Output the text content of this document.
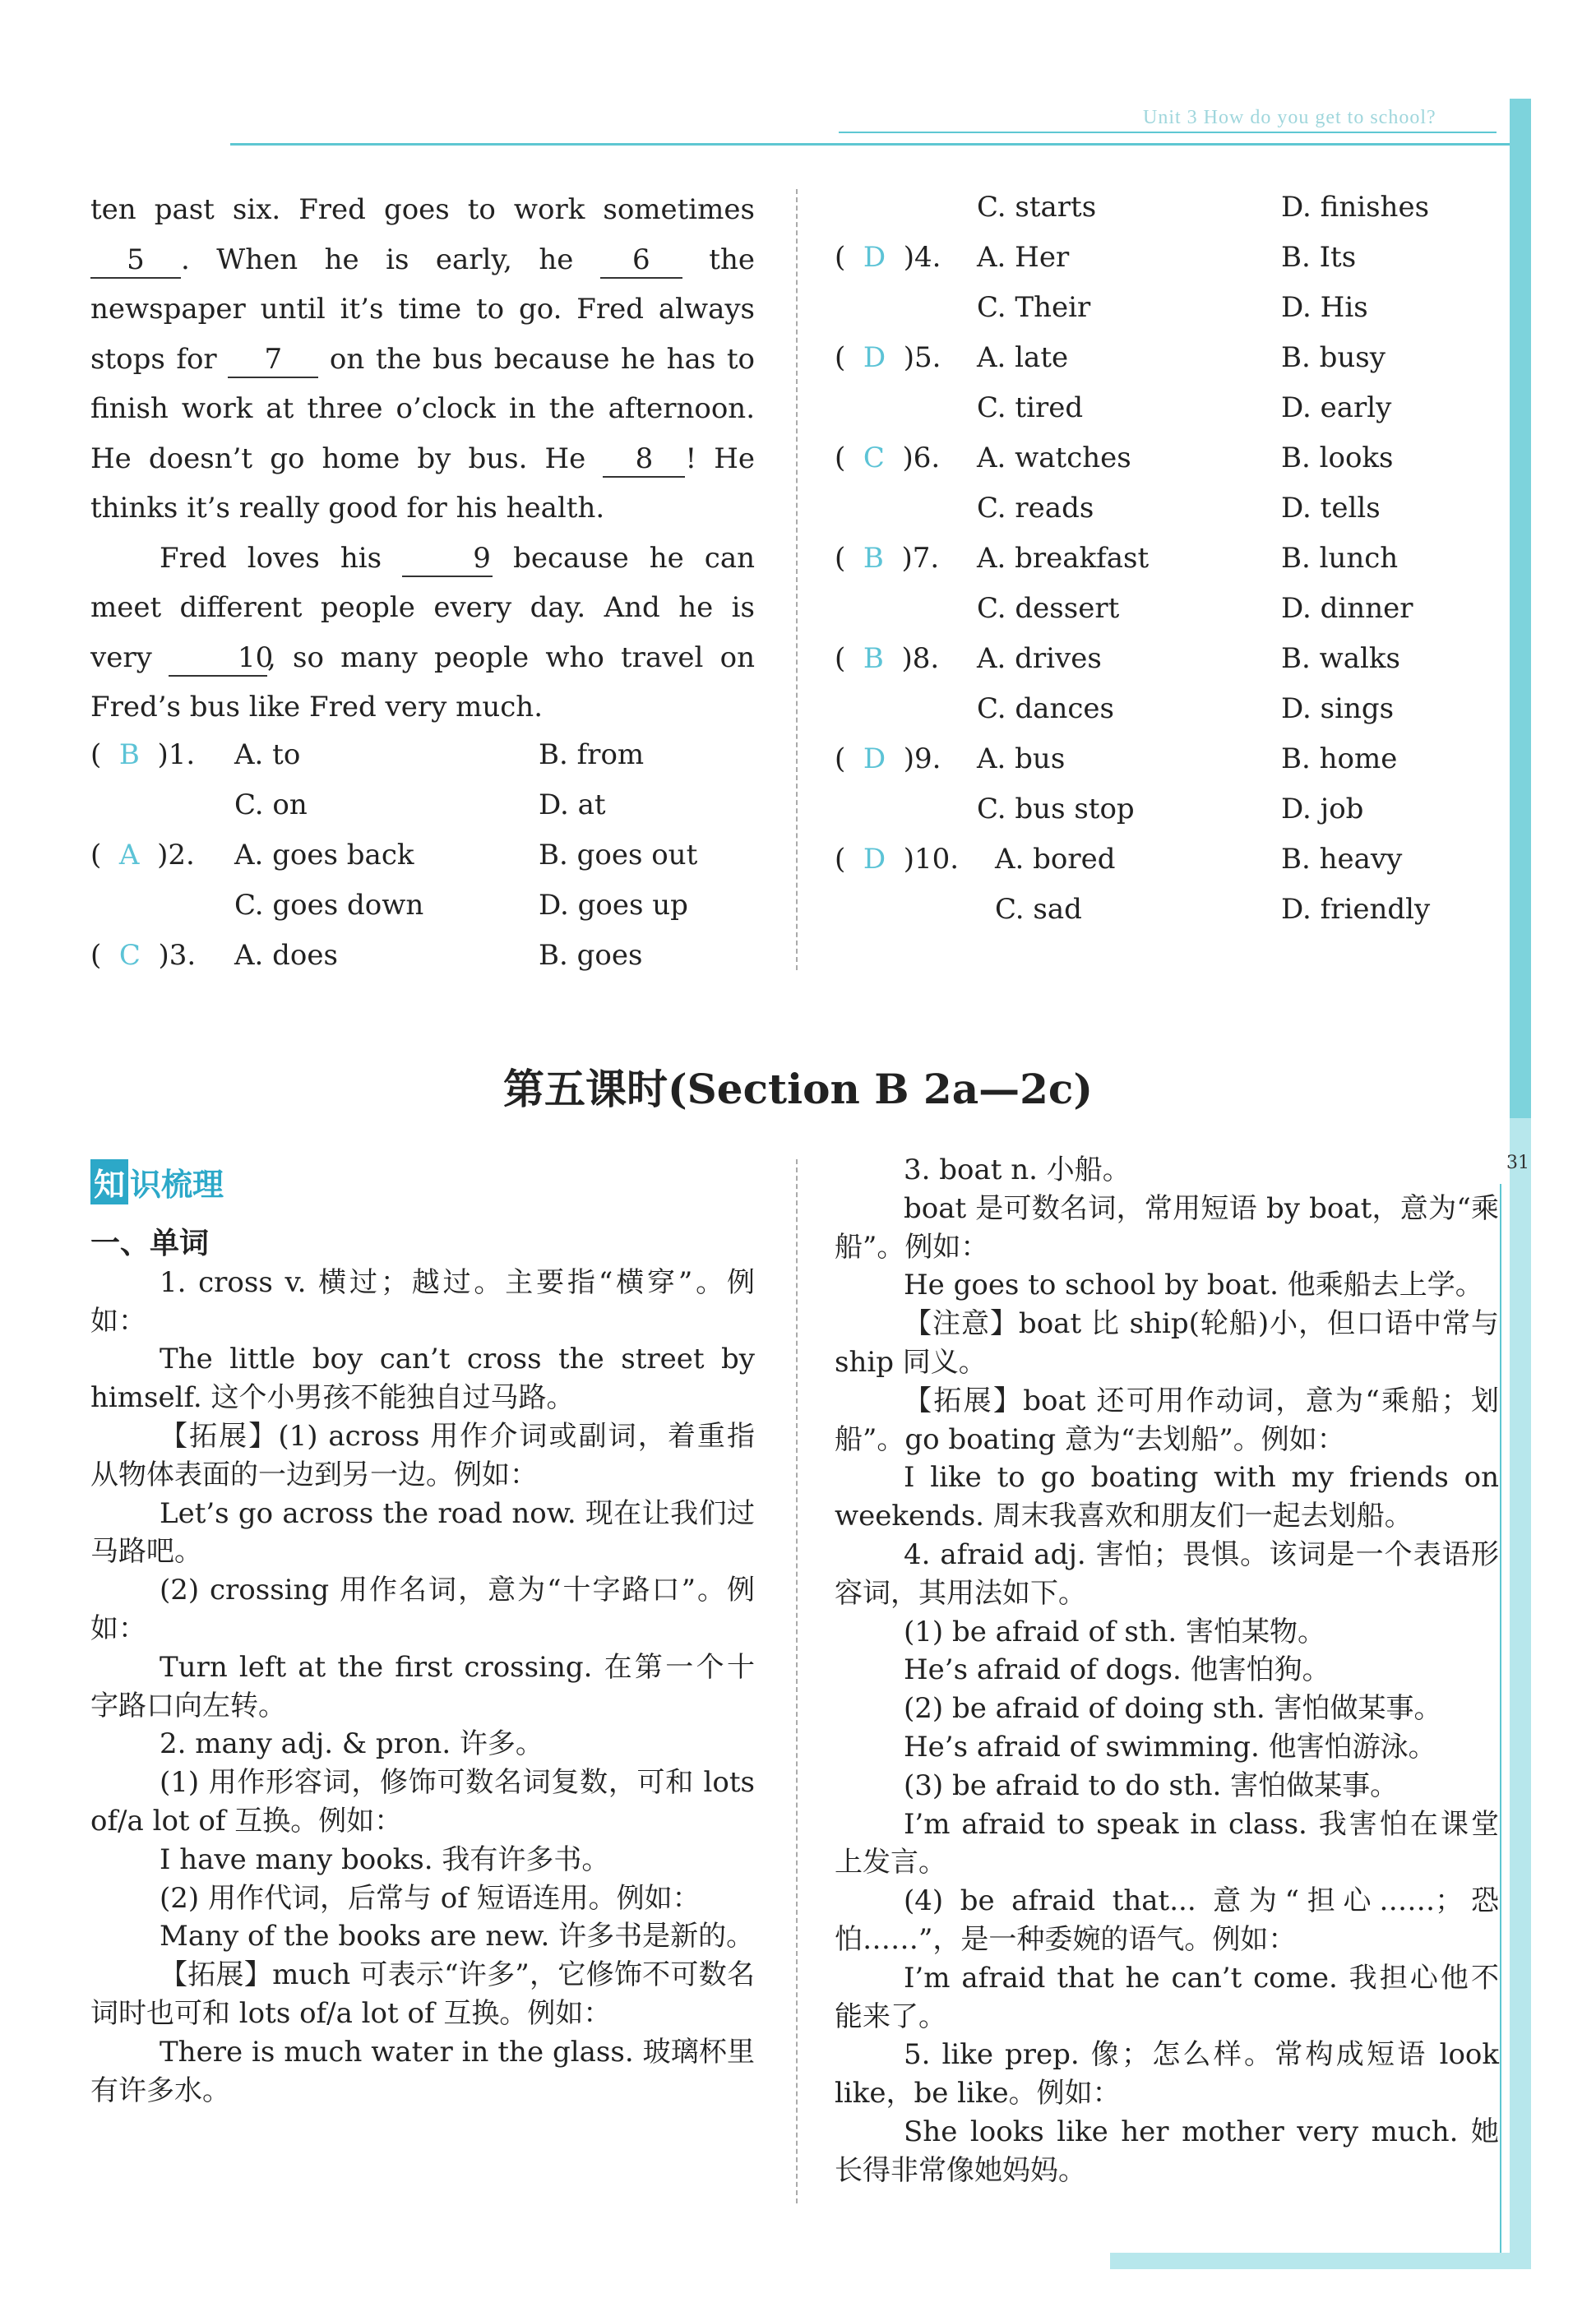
Unit 3 How do you get to school?
31

ten past six. Fred goes to work sometimes 5 . When he is early, he 6 the newspaper until it’s time to go. Fred always stops for 7 on the bus because he has to finish work at three o’clock in the afternoon. He doesn’t go home by bus. He 8 ! He thinks it’s really good for his health.

Fred loves his	9 because he can meet different people every day. And he is very 10, so many people who travel on Fred’s bus like Fred very much.

(  B )1. A. to	B. from
C. on	D. at
(  A )2. A. goes back	B. goes out
C. goes down	D. goes up
(  C )3. A. does	B. goes
C. starts	D. finishes
(  D )4. A. Her	B. Its
C. Their	D. His
(  D )5. A. late	B. busy
C. tired	D. early
(  C )6. A. watches	B. looks
C. reads	D. tells
(  B )7. A. breakfast	B. lunch
C. dessert	D. dinner
(  B )8. A. drives	B. walks
C. dances	D. sings
(  D )9. A. bus	B. home
C. bus stop	D. job
(  D )10. A. bored	B. heavy
C. sad	D. friendly
第五课时(Section B 2a—2c)
知 识梳理

一、单词

1. cross v. 横过；越过。主要指“横穿”。例如：

The little boy can’t cross the street by himself. 这个小男孩不能独自过马路。

【拓展】(1) across 用作介词或副词，着重指从物体表面的一边到另一边。例如：

Let’s go across the road now. 现在让我们过马路吧。

(2) crossing 用作名词，意为“十字路口”。例如：

Turn left at the first crossing. 在第一个十字路口向左转。

2. many adj. & pron. 许多。

(1) 用作形容词，修饰可数名词复数，可和 lots of/a lot of 互换。例如：

I have many books. 我有许多书。

(2) 用作代词，后常与 of 短语连用。例如：

Many of the books are new. 许多书是新的。

【拓展】much 可表示“许多”，它修饰不可数名词时也可和 lots of/a lot of 互换。例如：

There is much water in the glass. 玻璃杯里有许多水。

3. boat n. 小船。

boat 是可数名词，常用短语 by boat，意为“乘船”。例如：

He goes to school by boat. 他乘船去上学。

【注意】boat 比 ship(轮船)小，但口语中常与 ship 同义。

【拓展】boat 还可用作动词，意为“乘船；划船”。go boating 意为“去划船”。例如：

I like to go boating with my friends on weekends. 周末我喜欢和朋友们一起去划船。

4. afraid adj. 害怕；畏惧。该词是一个表语形容词，其用法如下。

(1) be afraid of sth. 害怕某物。

He’s afraid of dogs. 他害怕狗。

(2) be afraid of doing sth. 害怕做某事。

He’s afraid of swimming. 他害怕游泳。

(3) be afraid to do sth. 害怕做某事。

I’m afraid to speak in class. 我害怕在课堂上发言。

(4) be afraid that... 意为“担心……；恐怕……”，是一种委婉的语气。例如：

I’m afraid that he can’t come. 我担心他不能来了。

5. like prep. 像；怎么样。常构成短语 look like，be like。例如：

She looks like her mother very much. 她长得非常像她妈妈。
